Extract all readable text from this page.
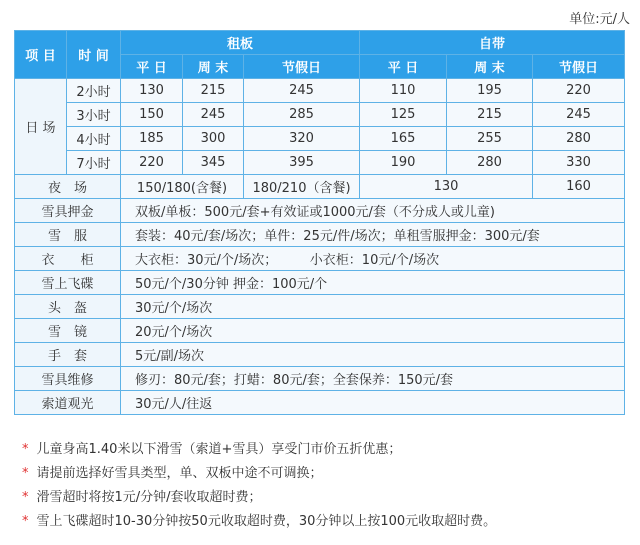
单位:元/人
项 目	时 间	租板			自带		
		平 日	周 末	节假日	平 日	周 末	节假日
日 场	2小时	130	215	245	110	195	220
	3小时	150	245	285	125	215	245
	4小时	185	300	320	165	255	280
	7小时	220	345	395	190	280	330
夜　场		150/180(含餐)		180/210（含餐)	130		160
雪具押金		双板/单板：500元/套+有效证或1000元/套（不分成人或儿童)					
雪　服		套装：40元/套/场次；单件：25元/件/场次；单租雪服押金：300元/套					
衣　　柜		大衣柜：30元/个/场次；　　　小衣柜：10元/个/场次					
雪上飞碟		50元/个/30分钟 押金：100元/个					
头　盔		30元/个/场次					
雪　镜		20元/个/场次					
手　套		5元/副/场次					
雪具维修		修刃：80元/套；打蜡：80元/套；全套保养：150元/套					
索道观光		30元/人/往返					
* 儿童身高1.40米以下滑雪（索道+雪具）享受门市价五折优惠；
* 请提前选择好雪具类型，单、双板中途不可调换；
* 滑雪超时将按1元/分钟/套收取超时费；
* 雪上飞碟超时10-30分钟按50元收取超时费，30分钟以上按100元收取超时费。
